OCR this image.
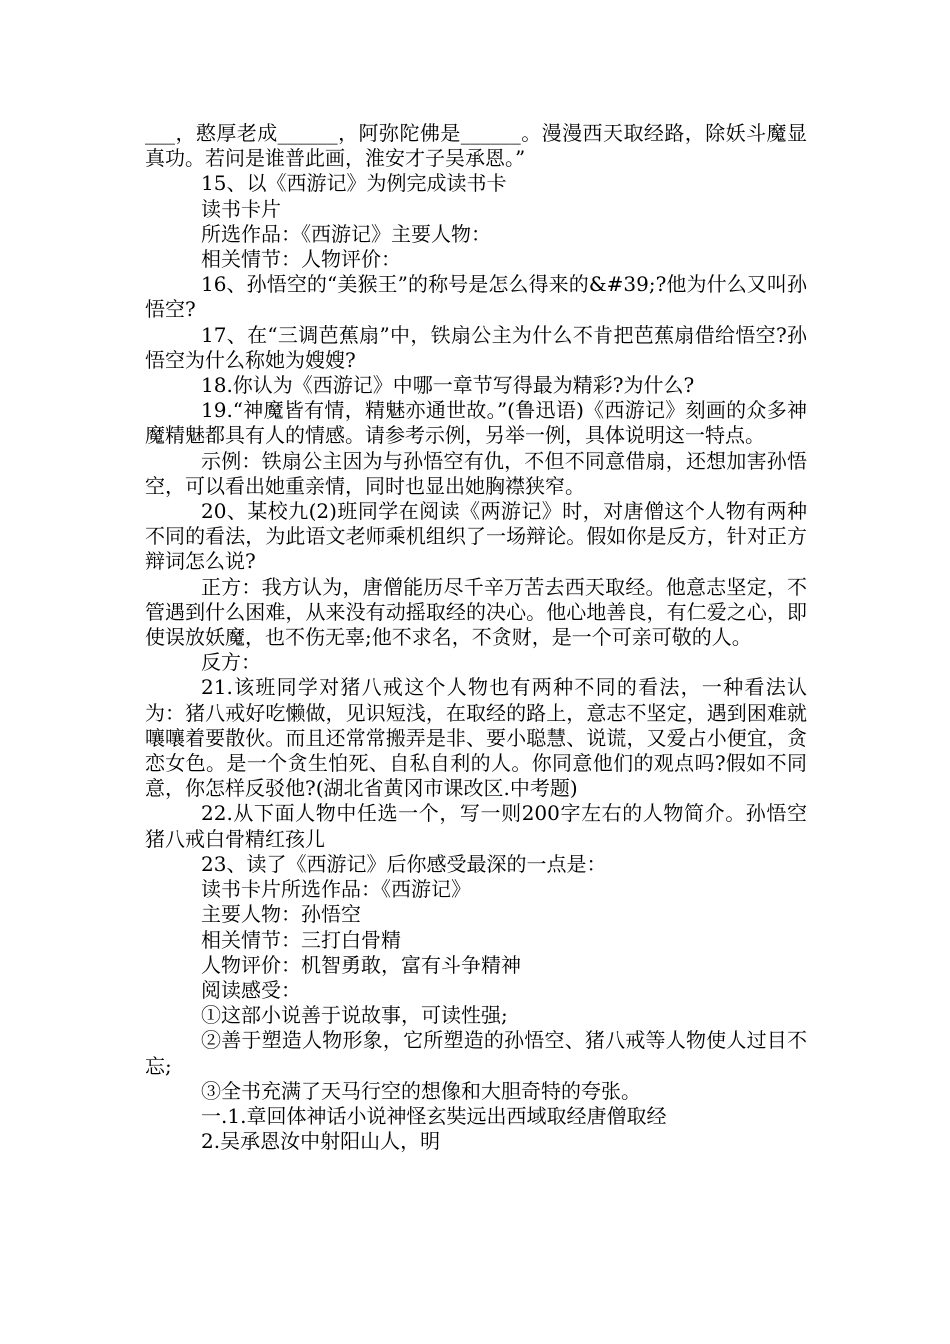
___，憨厚老成______，阿弥陀佛是______。漫漫西天取经路，除妖斗魔显真功。若问是谁普此画，淮安才子吴承恩。”

15、以《西游记》为例完成读书卡

读书卡片

所选作品：《西游记》主要人物：

相关情节：人物评价：

16、孙悟空的“美猴王”的称号是怎么得来的&#39;?他为什么又叫孙悟空?

17、在“三调芭蕉扇”中，铁扇公主为什么不肯把芭蕉扇借给悟空?孙悟空为什么称她为嫂嫂?

18.你认为《西游记》中哪一章节写得最为精彩?为什么?

19.“神魔皆有情，精魅亦通世故。”(鲁迅语)《西游记》刻画的众多神魔精魅都具有人的情感。请参考示例，另举一例，具体说明这一特点。

示例：铁扇公主因为与孙悟空有仇，不但不同意借扇，还想加害孙悟空，可以看出她重亲情，同时也显出她胸襟狭窄。

20、某校九(2)班同学在阅读《两游记》时，对唐僧这个人物有两种不同的看法，为此语文老师乘机组织了一场辩论。假如你是反方，针对正方辩词怎么说?

正方：我方认为，唐僧能历尽千辛万苦去西天取经。他意志坚定，不管遇到什么困难，从来没有动摇取经的决心。他心地善良，有仁爱之心，即使误放妖魔，也不伤无辜;他不求名，不贪财，是一个可亲可敬的人。

反方：

21.该班同学对猪八戒这个人物也有两种不同的看法，一种看法认为：猪八戒好吃懒做，见识短浅，在取经的路上，意志不坚定，遇到困难就嚷嚷着要散伙。而且还常常搬弄是非、要小聪慧、说谎，又爱占小便宜，贪恋女色。是一个贪生怕死、自私自利的人。你同意他们的观点吗?假如不同意，你怎样反驳他?(湖北省黄冈市课改区.中考题)

22.从下面人物中任选一个，写一则200字左右的人物简介。孙悟空猪八戒白骨精红孩儿

23、读了《西游记》后你感受最深的一点是：

读书卡片所选作品：《西游记》

主要人物：孙悟空

相关情节：三打白骨精

人物评价：机智勇敢，富有斗争精神

阅读感受：

①这部小说善于说故事，可读性强;

②善于塑造人物形象，它所塑造的孙悟空、猪八戒等人物使人过目不忘;

③全书充满了天马行空的想像和大胆奇特的夸张。

一.1.章回体神话小说神怪玄奘远出西域取经唐僧取经

2.吴承恩汝中射阳山人，明
